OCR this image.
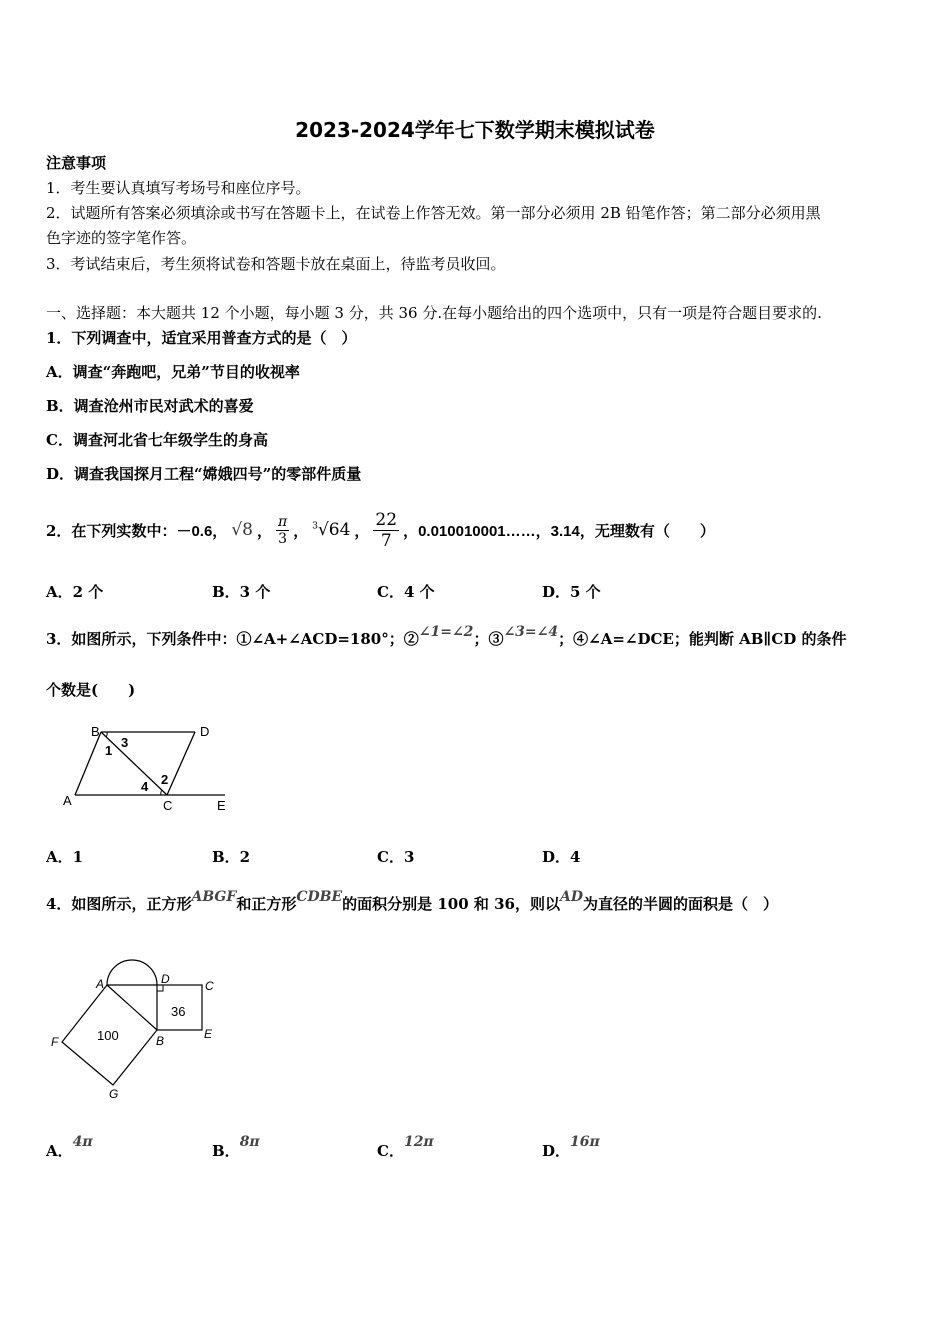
2023-2024学年七下数学期末模拟试卷
注意事项
1．考生要认真填写考场号和座位序号。
2．试题所有答案必须填涂或书写在答题卡上，在试卷上作答无效。第一部分必须用 2B 铅笔作答；第二部分必须用黑
色字迹的签字笔作答。
3．考试结束后，考生须将试卷和答题卡放在桌面上，待监考员收回。
一、选择题：本大题共 12 个小题，每小题 3 分，共 36 分.在每小题给出的四个选项中，只有一项是符合题目要求的.
1．下列调查中，适宜采用普查方式的是（　）
A．调查“奔跑吧，兄弟”节目的收视率
B．调查沧州市民对武术的喜爱
C．调查河北省七年级学生的身高
D．调查我国探月工程“嫦娥四号”的零部件质量
2．在下列实数中： －0.6， √8 ， $\frac{\pi}{3}$ ， $^3$√64 ， $\frac{22}{7}$ ，0.010010001……，3.14，无理数有（　　）
A．2 个	B．3 个	C．4 个	D．5 个
3．如图所示，下列条件中：①∠A+∠ACD=180°；②∠1=∠2；③∠3=∠4；④∠A=∠DCE；能判断 AB∥CD 的条件
个数是(　　)
B	D
A	C	E
1
3
2
4
A．1	B．2	C．3	D．4
4．如图所示，正方形ABGF和正方形CDBE的面积分别是 100 和 36，则以AD为直径的半圆的面积是（　）
A	D	C
E
B
F
G
100
36
A．4π	B．8π	C．12π	D．16π
